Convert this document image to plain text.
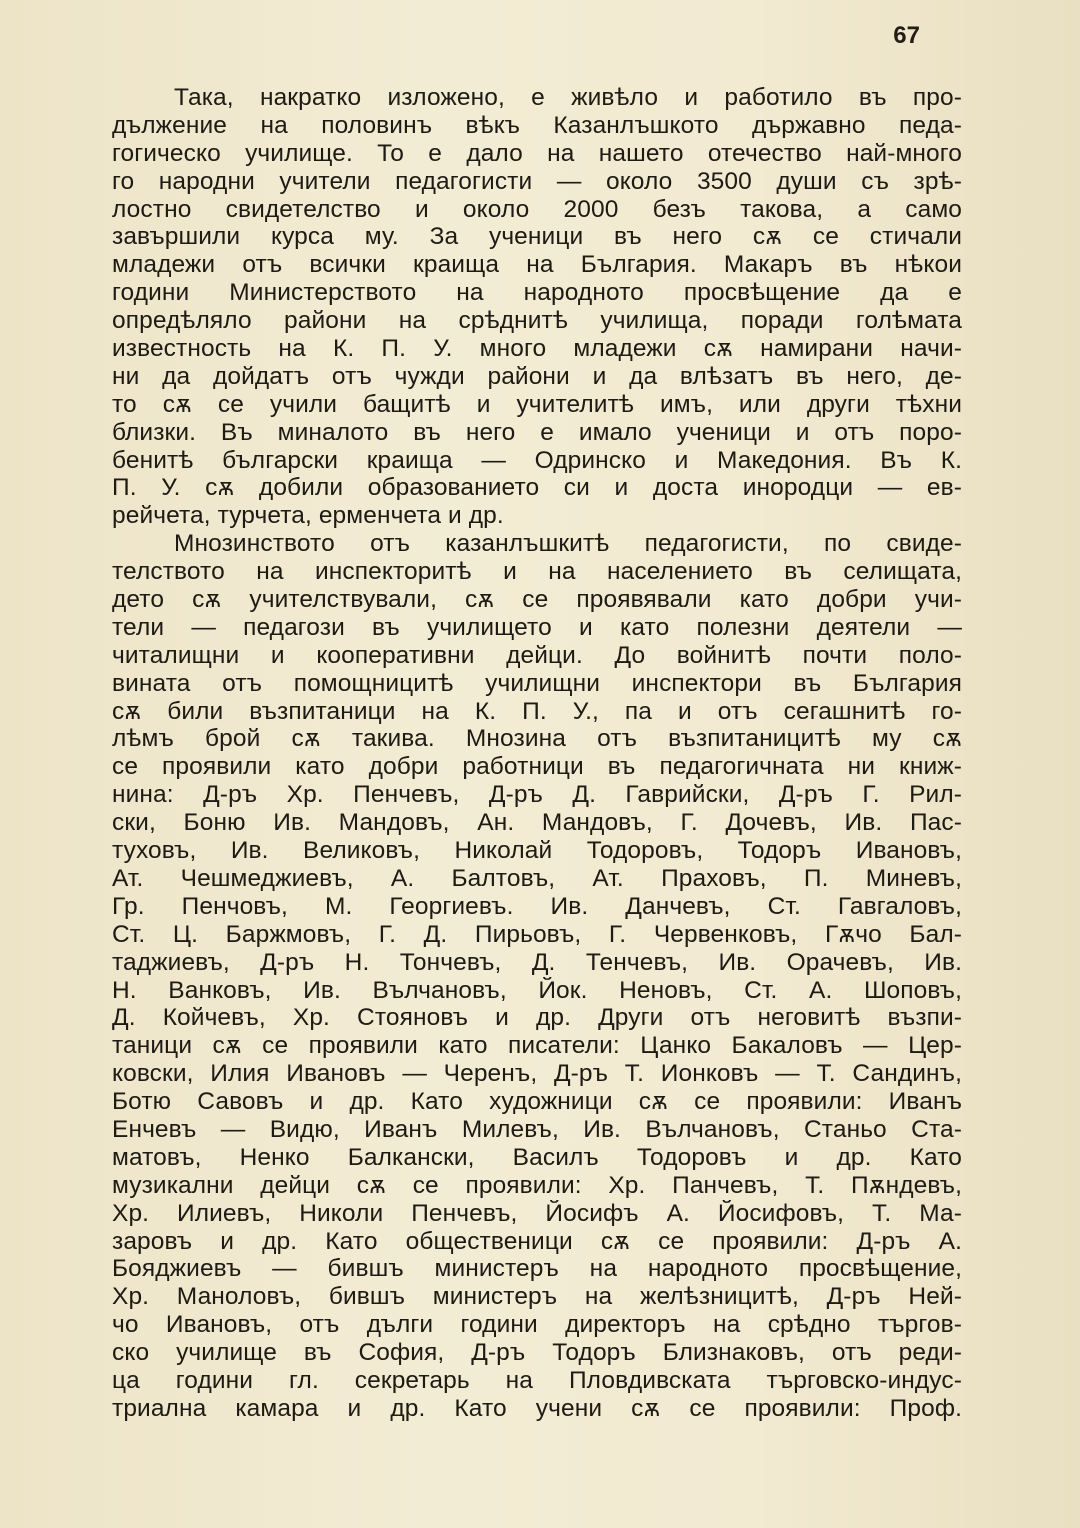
67
Така, накратко изложено, е живѣло и работило въ про-
дължение на половинъ вѣкъ Казанлъшкото държавно педа-
гогическо училище. То е дало на нашето отечество най-много
го народни учители педагогисти — около 3500 души съ зрѣ-
лостно свидетелство и около 2000 безъ такова, а само
завършили курса му. За ученици въ него сѫ се стичали
младежи отъ всички краища на България. Макаръ въ нѣкои
години Министерството на народното просвѣщение да е
опредѣляло райони на срѣднитѣ училища, поради голѣмата
известность на К. П. У. много младежи сѫ намирани начи-
ни да дойдатъ отъ чужди райони и да влѣзатъ въ него, де-
то сѫ се учили бащитѣ и учителитѣ имъ, или други тѣхни
близки. Въ миналото въ него е имало ученици и отъ поро-
бенитѣ български краища — Одринско и Македония. Въ К.
П. У. сѫ добили образованието си и доста инородци — ев-
рейчета, турчета, ерменчета и др.
Мнозинството отъ казанлъшкитѣ педагогисти, по свиде-
телството на инспекторитѣ и на населението въ селищата,
дето сѫ учителствували, сѫ се проявявали като добри учи-
тели — педагози въ училището и като полезни деятели —
читалищни и кооперативни дейци. До войнитѣ почти поло-
вината отъ помощницитѣ училищни инспектори въ България
сѫ били възпитаници на К. П. У., па и отъ сегашнитѣ го-
лѣмъ брой сѫ такива. Мнозина отъ възпитаницитѣ му сѫ
се проявили като добри работници въ педагогичната ни книж-
нина: Д-ръ Хр. Пенчевъ, Д-ръ Д. Гаврийски, Д-ръ Г. Рил-
ски, Боню Ив. Мандовъ, Ан. Мандовъ, Г. Дочевъ, Ив. Пас-
туховъ, Ив. Великовъ, Николай Тодоровъ, Тодоръ Ивановъ,
Ат. Чешмеджиевъ, А. Балтовъ, Ат. Праховъ, П. Миневъ,
Гр. Пенчовъ, М. Георгиевъ. Ив. Данчевъ, Ст. Гавгаловъ,
Ст. Ц. Баржмовъ, Г. Д. Пирьовъ, Г. Червенковъ, Гѫчо Бал-
таджиевъ, Д-ръ Н. Тончевъ, Д. Тенчевъ, Ив. Орачевъ, Ив.
Н. Ванковъ, Ив. Вълчановъ, Йок. Неновъ, Ст. А. Шоповъ,
Д. Койчевъ, Хр. Стояновъ и др. Други отъ неговитѣ възпи-
таници сѫ се проявили като писатели: Цанко Бакаловъ — Цер-
ковски, Илия Ивановъ — Черенъ, Д-ръ Т. Ионковъ — Т. Сандинъ,
Ботю Савовъ и др. Като художници сѫ се проявили: Иванъ
Енчевъ — Видю, Иванъ Милевъ, Ив. Вълчановъ, Станьо Ста-
матовъ, Ненко Балкански, Василъ Тодоровъ и др. Като
музикални дейци сѫ се проявили: Хр. Панчевъ, Т. Пѫндевъ,
Хр. Илиевъ, Николи Пенчевъ, Йосифъ А. Йосифовъ, Т. Ма-
заровъ и др. Като общественици сѫ се проявили: Д-ръ А.
Бояджиевъ — бившъ министеръ на народното просвѣщение,
Хр. Маноловъ, бившъ министеръ на желѣзницитѣ, Д-ръ Ней-
чо Ивановъ, отъ дълги години директоръ на срѣдно търгов-
ско училище въ София, Д-ръ Тодоръ Близнаковъ, отъ реди-
ца години гл. секретарь на Пловдивската търговско-индус-
триална камара и др. Като учени сѫ се проявили: Проф.
